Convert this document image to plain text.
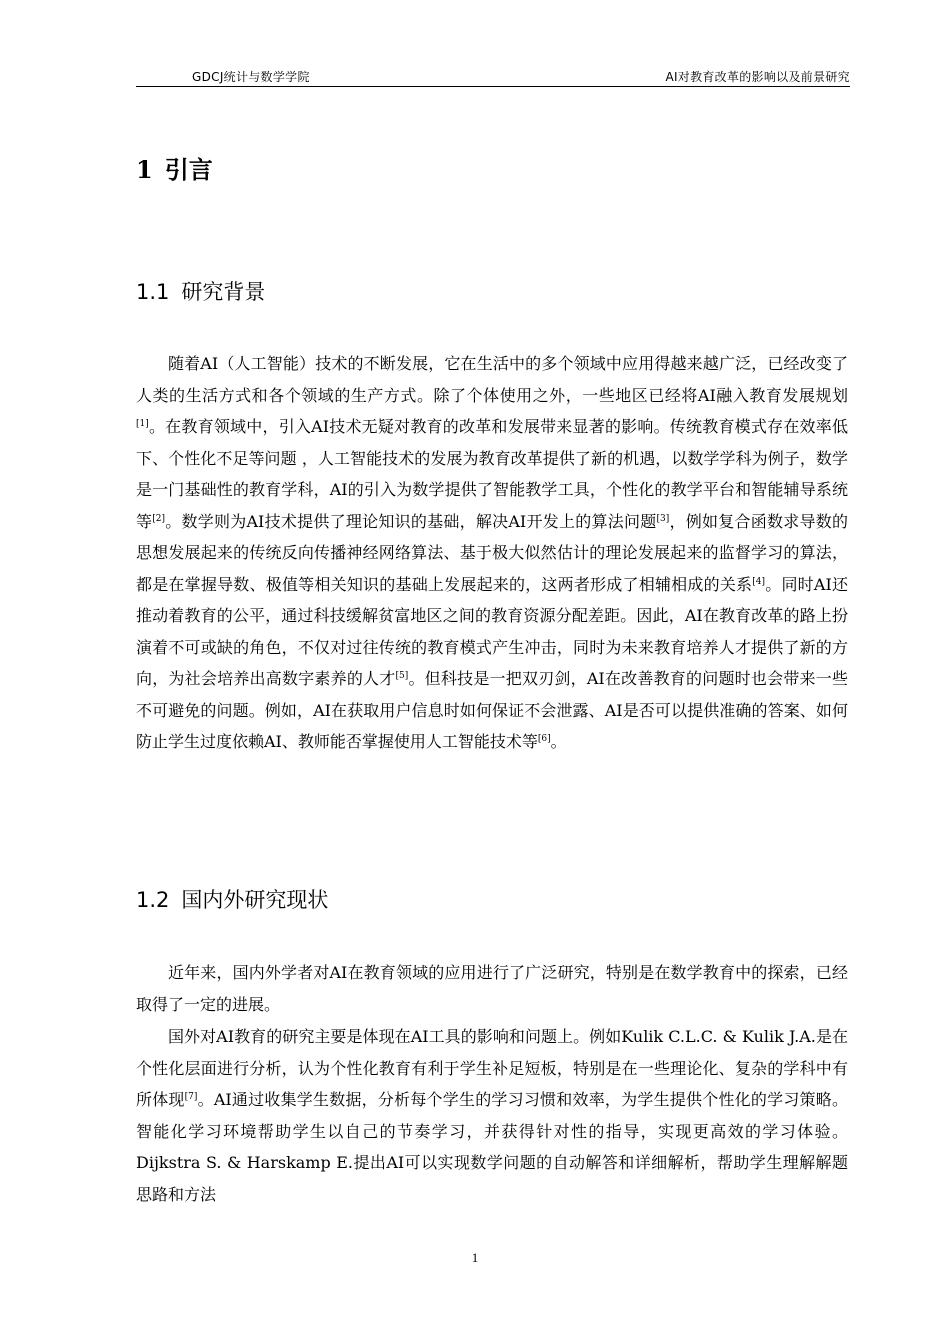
GDCJ统计与数学学院	AI对教育改革的影响以及前景研究
1 引言
1.1 研究背景
随着AI（人工智能）技术的不断发展，它在生活中的多个领域中应用得越来越广泛，已经改变了人类的生活方式和各个领域的生产方式。除了个体使用之外，一些地区已经将AI融入教育发展规划[1]。在教育领域中，引入AI技术无疑对教育的改革和发展带来显著的影响。传统教育模式存在效率低下、个性化不足等问题 ，人工智能技术的发展为教育改革提供了新的机遇，以数学学科为例子，数学是一门基础性的教育学科，AI的引入为数学提供了智能教学工具，个性化的教学平台和智能辅导系统等[2]。数学则为AI技术提供了理论知识的基础，解决AI开发上的算法问题[3]，例如复合函数求导数的思想发展起来的传统反向传播神经网络算法、基于极大似然估计的理论发展起来的监督学习的算法，都是在掌握导数、极值等相关知识的基础上发展起来的，这两者形成了相辅相成的关系[4]。同时AI还推动着教育的公平，通过科技缓解贫富地区之间的教育资源分配差距。因此，AI在教育改革的路上扮演着不可或缺的角色，不仅对过往传统的教育模式产生冲击，同时为未来教育培养人才提供了新的方向，为社会培养出高数字素养的人才[5]。但科技是一把双刃剑，AI在改善教育的问题时也会带来一些不可避免的问题。例如，AI在获取用户信息时如何保证不会泄露、AI是否可以提供准确的答案、如何防止学生过度依赖AI、教师能否掌握使用人工智能技术等[6]。
1.2 国内外研究现状
近年来，国内外学者对AI在教育领域的应用进行了广泛研究，特别是在数学教育中的探索，已经取得了一定的进展。
国外对AI教育的研究主要是体现在AI工具的影响和问题上。例如Kulik C.L.C. & Kulik J.A.是在个性化层面进行分析，认为个性化教育有利于学生补足短板，特别是在一些理论化、复杂的学科中有所体现[7]。AI通过收集学生数据，分析每个学生的学习习惯和效率，为学生提供个性化的学习策略。智能化学习环境帮助学生以自己的节奏学习，并获得针对性的指导，实现更高效的学习体验。Dijkstra S. & Harskamp E.提出AI可以实现数学问题的自动解答和详细解析，帮助学生理解解题思路和方法
1
